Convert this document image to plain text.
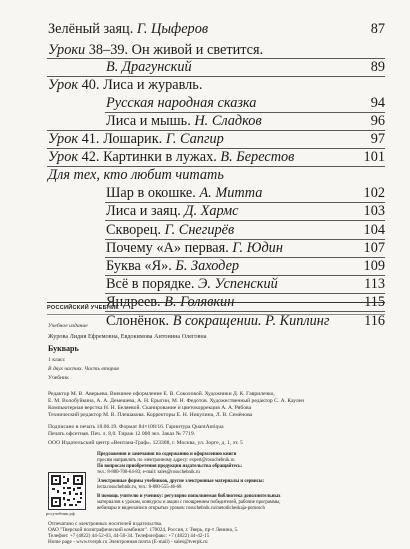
Зелёный заяц. Г. Цыферов	87
Уроки 38–39. Он живой и светится.
В. Драгунский	89
Урок 40. Лиса и журавль.
Русская народная сказка	94
Лиса и мышь. Н. Сладков	96
Урок 41. Лошарик. Г. Сапгир	97
Урок 42. Картинки в лужах. В. Берестов	101
Для тех, кто любит читать
Шар в окошке. А. Митта	102
Лиса и заяц. Д. Хармс	103
Скворец. Г. Снегирёв	104
Почему «А» первая. Г. Юдин	107
Буква «Я». Б. Заходер	109
Всё в порядке. Э. Успенский	113
Яндреев. В. Голявкин	115
Слонёнок. В сокращении. Р. Киплинг 116
РОССИЙСКИЙ УЧЕБНИК
Учебное издание
Журова Лидия Ефремовна, Евдокимова Антонина Олеговна
Букварь
1 класс
В двух частях. Часть вторая
Учебник
Редактор М. В. Аверьева. Внешнее оформление Е. В. Соколовой. Художники Д. К. Гаврилечко,
Е. М. Волобуйкина, А. А. Демешева, А. Н. Ерыгин, М. Н. Федотов. Художественный редактор С. А. Каулен
Компьютерная верстка Н. Н. Беляевой. Сканирование и цветокоррекция А. А. Рябова
Технический редактор М. В. Плешакова. Корректоры Е. Н. Никулина, Л. В. Семёнова
Подписано в печать 18.06.19. Формат 84×108/16. Гарнитура QuantAntiqua
Печать офсетная. Печ. л. 8,0. Тираж 12 000 экз. Заказ № 7719.
ООО Издательский центр «Вентана-Граф». 123308, г. Москва, ул. Зорге, д. 1, эт. 5
росучебник.рф
Предложения и замечания по содержанию и оформлению книги
просим направлять по электронному адресу: expert@rosuchebnik.ru
По вопросам приобретения продукции издательства обращайтесь:
тел.: 8-800-700-64-83; e-mail: sales@rosuchebnik.ru
Электронные формы учебников, другие электронные материалы и сервисы:
lecta.rosuchebnik.ru, тел.: 8-800-555-46-68
В помощь учителю и ученику: регулярно пополняемая библиотека дополнительных
материалов к урокам, конкурсы и акции с поощрением победителей, рабочие программы,
вебинары и видеозаписи открытых уроков: rosuchebnik.ru/metodicheskaja-pomosch
Отпечатано с электронных носителей издательства.
ОАО "Тверской полиграфический комбинат". 170024, Россия, г. Тверь, пр-т Ленина, 5.
Телефон: +7 (4822) 44-52-03, 44-50-34. Телефон/факс: +7 (4822) 44-42-15
Home page - www.tverpk.ru Электронная почта (E-mail) - sales@tverpk.ru
